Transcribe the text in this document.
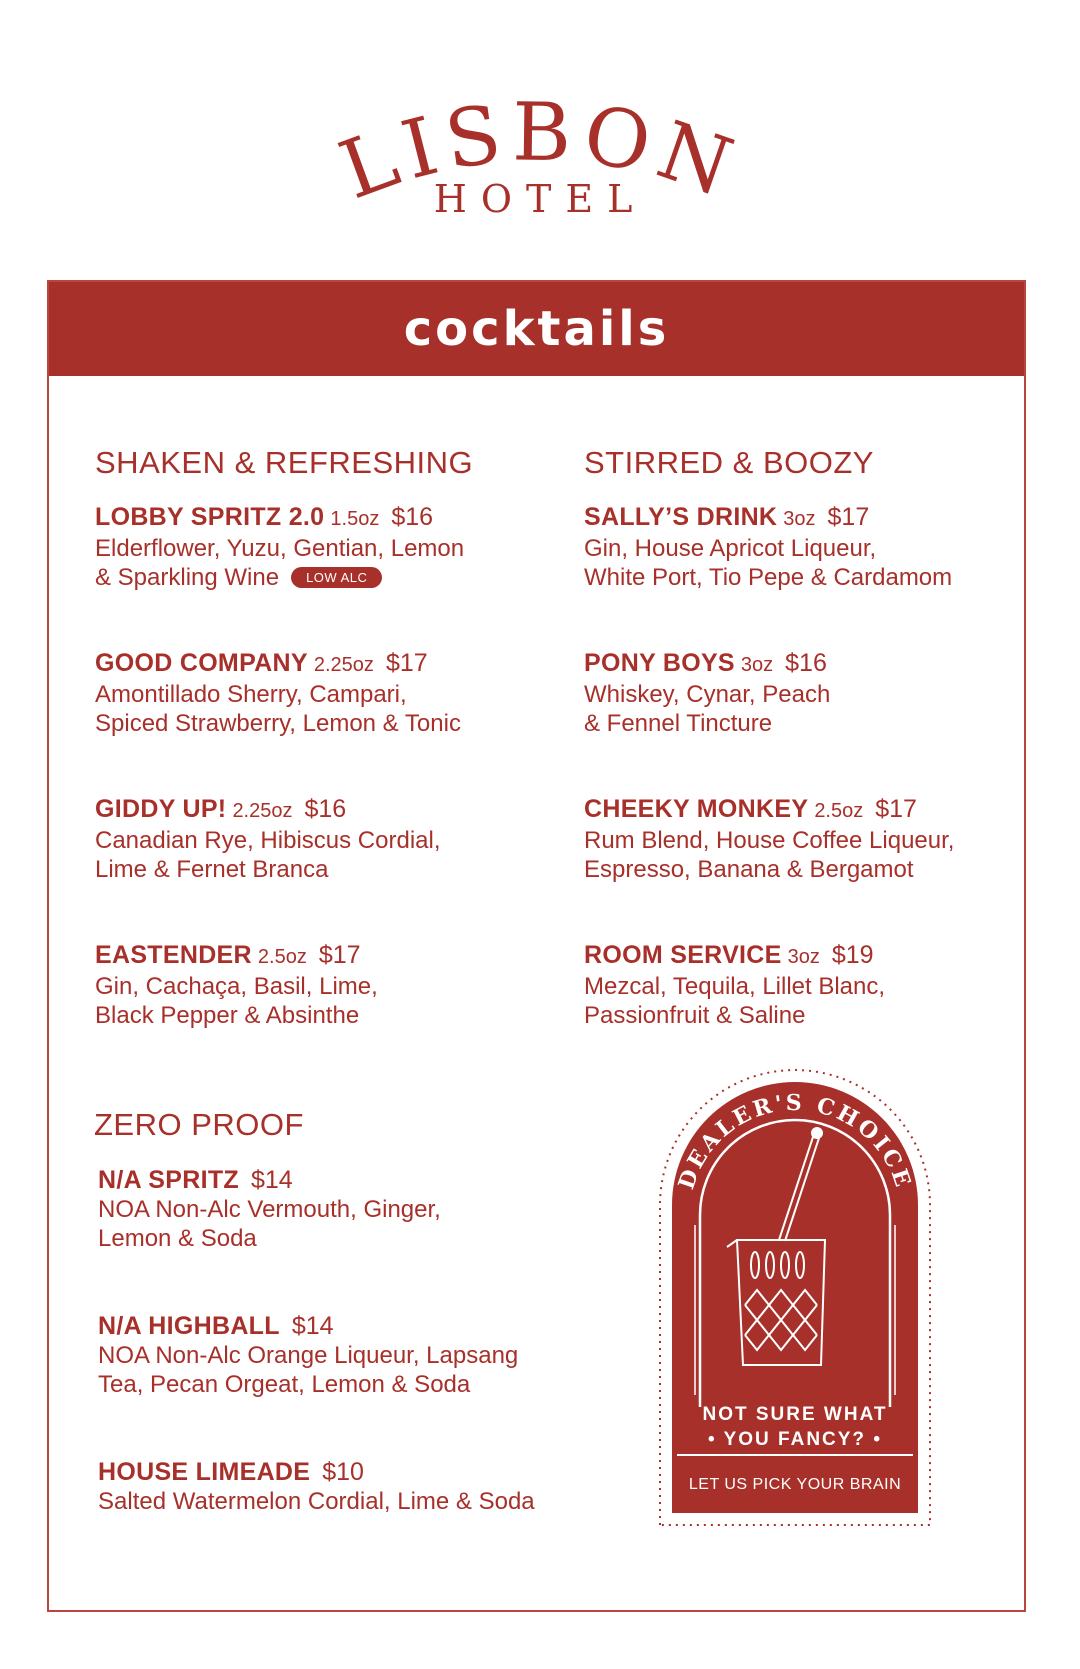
LISBON
HOTEL
cocktails
SHAKEN & REFRESHING
LOBBY SPRITZ 2.0 1.5oz $16
Elderflower, Yuzu, Gentian, Lemon
& Sparkling Wine LOW ALC
GOOD COMPANY 2.25oz $17
Amontillado Sherry, Campari,
Spiced Strawberry, Lemon & Tonic
GIDDY UP! 2.25oz $16
Canadian Rye, Hibiscus Cordial,
Lime & Fernet Branca
EASTENDER 2.5oz $17
Gin, Cachaça, Basil, Lime,
Black Pepper & Absinthe
STIRRED & BOOZY
SALLY’S DRINK 3oz $17
Gin, House Apricot Liqueur,
White Port, Tio Pepe & Cardamom
PONY BOYS 3oz $16
Whiskey, Cynar, Peach
& Fennel Tincture
CHEEKY MONKEY 2.5oz $17
Rum Blend, House Coffee Liqueur,
Espresso, Banana & Bergamot
ROOM SERVICE 3oz $19
Mezcal, Tequila, Lillet Blanc,
Passionfruit & Saline
ZERO PROOF
N/A SPRITZ $14
NOA Non-Alc Vermouth, Ginger,
Lemon & Soda
N/A HIGHBALL $14
NOA Non-Alc Orange Liqueur, Lapsang
Tea, Pecan Orgeat, Lemon & Soda
HOUSE LIMEADE $10
Salted Watermelon Cordial, Lime & Soda
DEALER'S CHOICE
NOT SURE WHAT
• YOU FANCY? •
LET US PICK YOUR BRAIN
